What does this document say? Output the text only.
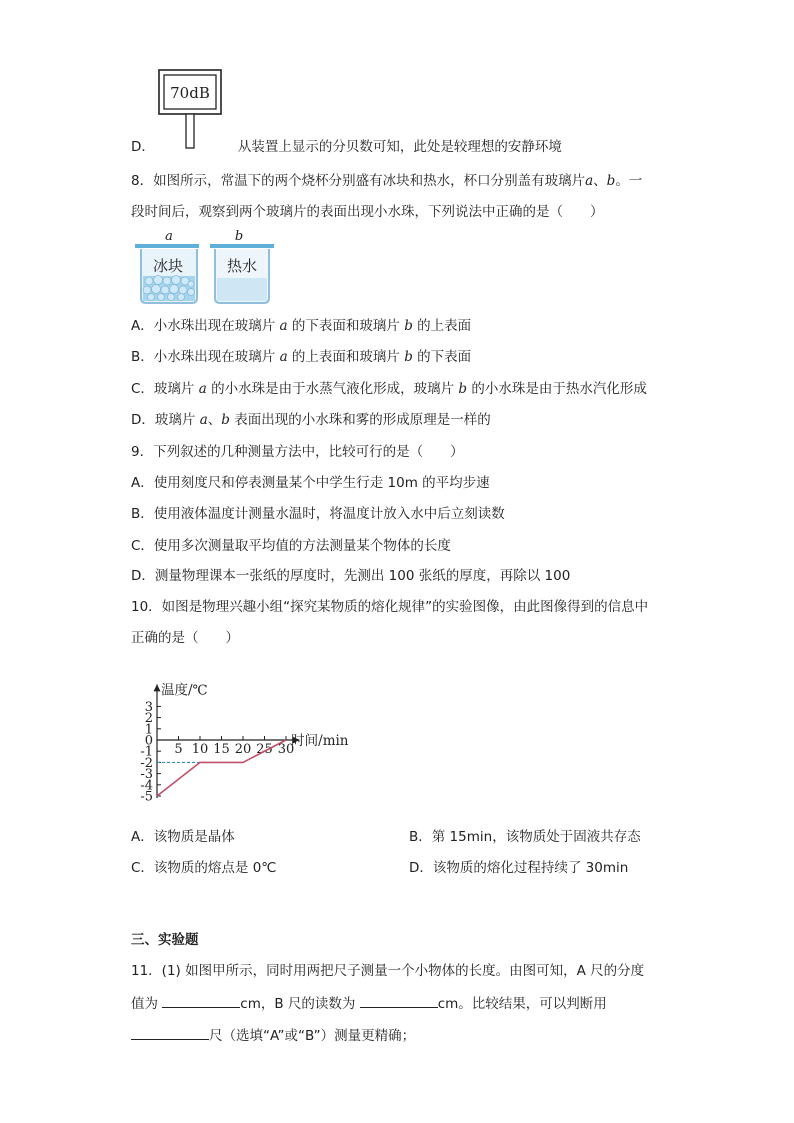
70dB
D．	从装置上显示的分贝数可知，此处是较理想的安静环境
8．如图所示，常温下的两个烧杯分别盛有冰块和热水，杯口分别盖有玻璃片a、b。一
段时间后，观察到两个玻璃片的表面出现小水珠，下列说法中正确的是（　　）
a	b
冰块	热水
A．小水珠出现在玻璃片 a 的下表面和玻璃片 b 的上表面
B．小水珠出现在玻璃片 a 的上表面和玻璃片 b 的下表面
C．玻璃片 a 的小水珠是由于水蒸气液化形成，玻璃片 b 的小水珠是由于热水汽化形成
D．玻璃片 a、b 表面出现的小水珠和雾的形成原理是一样的
9．下列叙述的几种测量方法中，比较可行的是（　　）
A．使用刻度尺和停表测量某个中学生行走 10m 的平均步速
B．使用液体温度计测量水温时，将温度计放入水中后立刻读数
C．使用多次测量取平均值的方法测量某个物体的长度
D．测量物理课本一张纸的厚度时，先测出 100 张纸的厚度，再除以 100
10．如图是物理兴趣小组“探究某物质的熔化规律”的实验图像，由此图像得到的信息中
正确的是（　　）
温度/℃
时间/min
3
2
1
0
-1
-2
-3
-4
-5
5 10 15 20 25 30
A．该物质是晶体	B．第 15min，该物质处于固液共存态
C．该物质的熔点是 0℃	D．该物质的熔化过程持续了 30min
三、实验题
11．(1) 如图甲所示，同时用两把尺子测量一个小物体的长度。由图可知，A 尺的分度
值为	cm，B 尺的读数为	cm。比较结果，可以判断用
尺（选填“A”或“B”）测量更精确；
